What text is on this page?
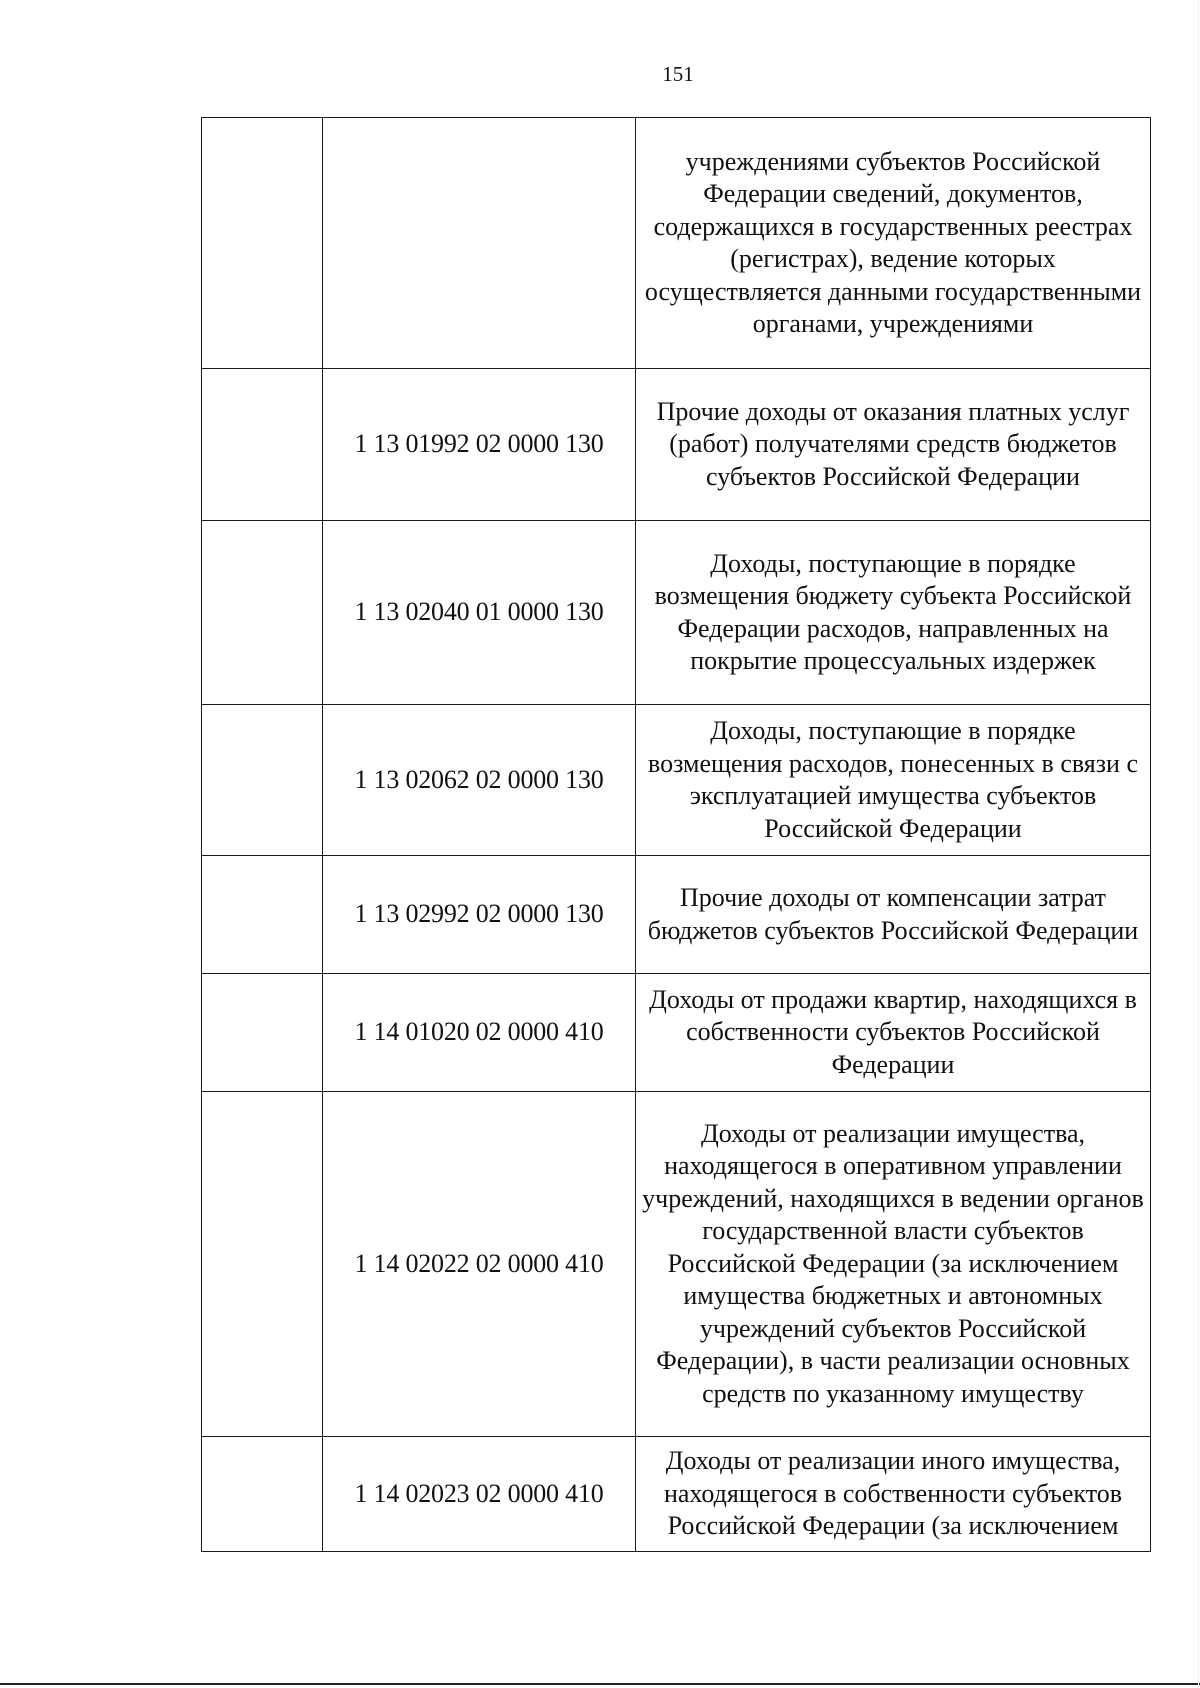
151
		учреждениями субъектов Российской Федерации сведений, документов, содержащихся в государственных реестрах (регистрах), ведение которых осуществляется данными государственными органами, учреждениями
	1 13 01992 02 0000 130	Прочие доходы от оказания платных услуг (работ) получателями средств бюджетов субъектов Российской Федерации
	1 13 02040 01 0000 130	Доходы, поступающие в порядке возмещения бюджету субъекта Российской Федерации расходов, направленных на покрытие процессуальных издержек
	1 13 02062 02 0000 130	Доходы, поступающие в порядке возмещения расходов, понесенных в связи с эксплуатацией имущества субъектов Российской Федерации
	1 13 02992 02 0000 130	Прочие доходы от компенсации затрат бюджетов субъектов Российской Федерации
	1 14 01020 02 0000 410	Доходы от продажи квартир, находящихся в собственности субъектов Российской Федерации
	1 14 02022 02 0000 410	Доходы от реализации имущества, находящегося в оперативном управлении учреждений, находящихся в ведении органов государственной власти субъектов Российской Федерации (за исключением имущества бюджетных и автономных учреждений субъектов Российской Федерации), в части реализации основных средств по указанному имуществу
	1 14 02023 02 0000 410	Доходы от реализации иного имущества, находящегося в собственности субъектов Российской Федерации (за исключением
